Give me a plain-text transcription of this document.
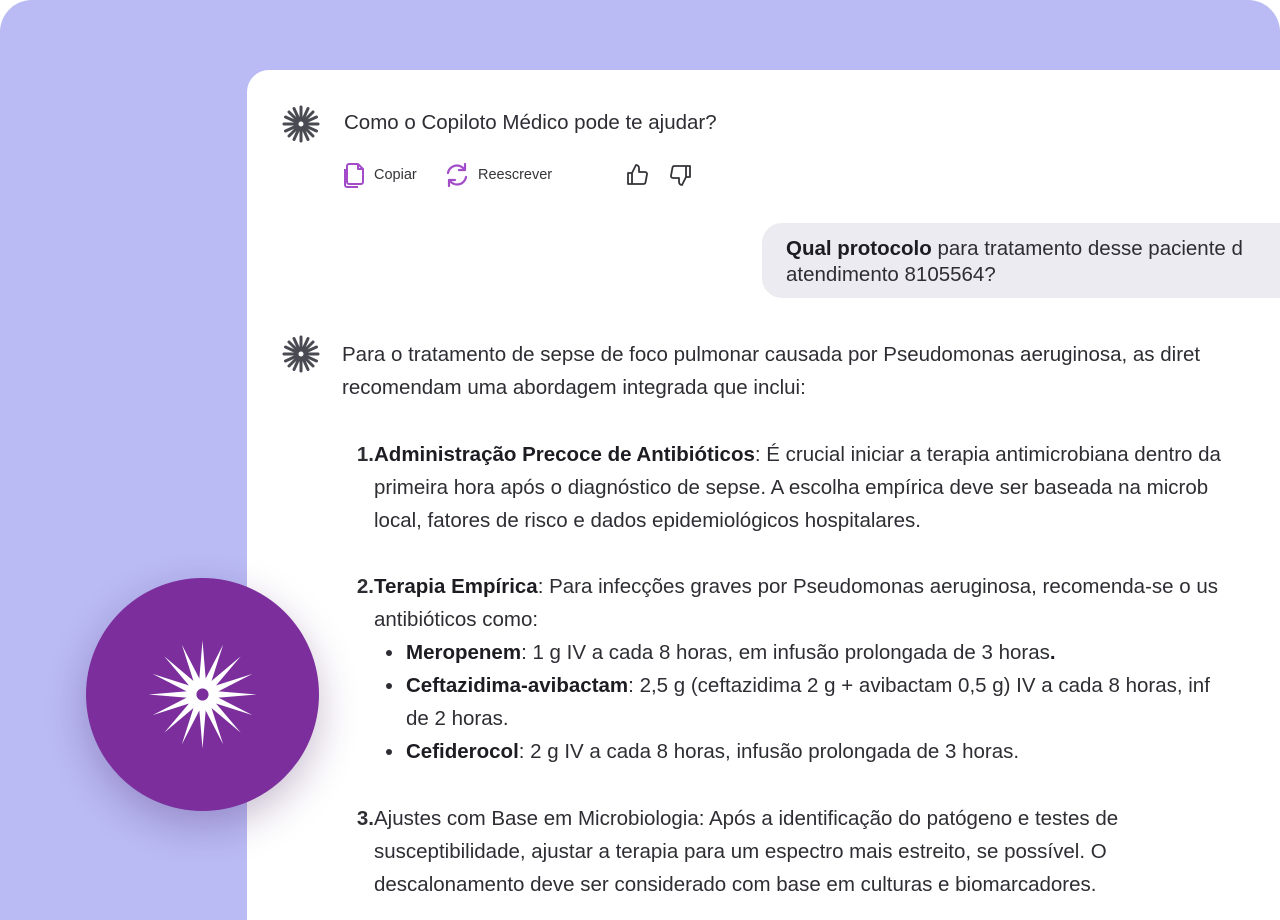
Como o Copiloto Médico pode te ajudar?
Copiar	Reescrever
Qual protocolo para tratamento desse paciente d
atendimento 8105564?
Para o tratamento de sepse de foco pulmonar causada por Pseudomonas aeruginosa, as diret
recomendam uma abordagem integrada que inclui:
1. Administração Precoce de Antibióticos: É crucial iniciar a terapia antimicrobiana dentro da
primeira hora após o diagnóstico de sepse. A escolha empírica deve ser baseada na microb
local, fatores de risco e dados epidemiológicos hospitalares.
2. Terapia Empírica: Para infecções graves por Pseudomonas aeruginosa, recomenda-se o us
antibióticos como:
Meropenem: 1 g IV a cada 8 horas, em infusão prolongada de 3 horas.
Ceftazidima-avibactam: 2,5 g (ceftazidima 2 g + avibactam 0,5 g) IV a cada 8 horas, inf
de 2 horas.
Cefiderocol: 2 g IV a cada 8 horas, infusão prolongada de 3 horas.
3. Ajustes com Base em Microbiologia: Após a identificação do patógeno e testes de
susceptibilidade, ajustar a terapia para um espectro mais estreito, se possível. O
descalonamento deve ser considerado com base em culturas e biomarcadores.
